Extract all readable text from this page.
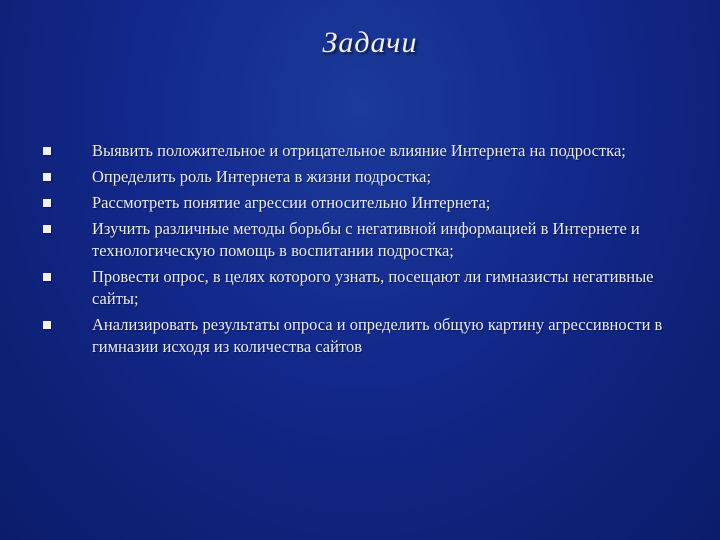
Задачи
Выявить положительное и отрицательное влияние Интернета на подростка;
Определить роль Интернета в жизни подростка;
Рассмотреть понятие агрессии относительно Интернета;
Изучить различные методы борьбы с негативной информацией в Интернете и технологическую помощь в воспитании подростка;
Провести опрос, в целях которого узнать, посещают ли гимназисты негативные сайты;
Анализировать результаты опроса и определить общую картину агрессивности в гимназии исходя из количества сайтов
